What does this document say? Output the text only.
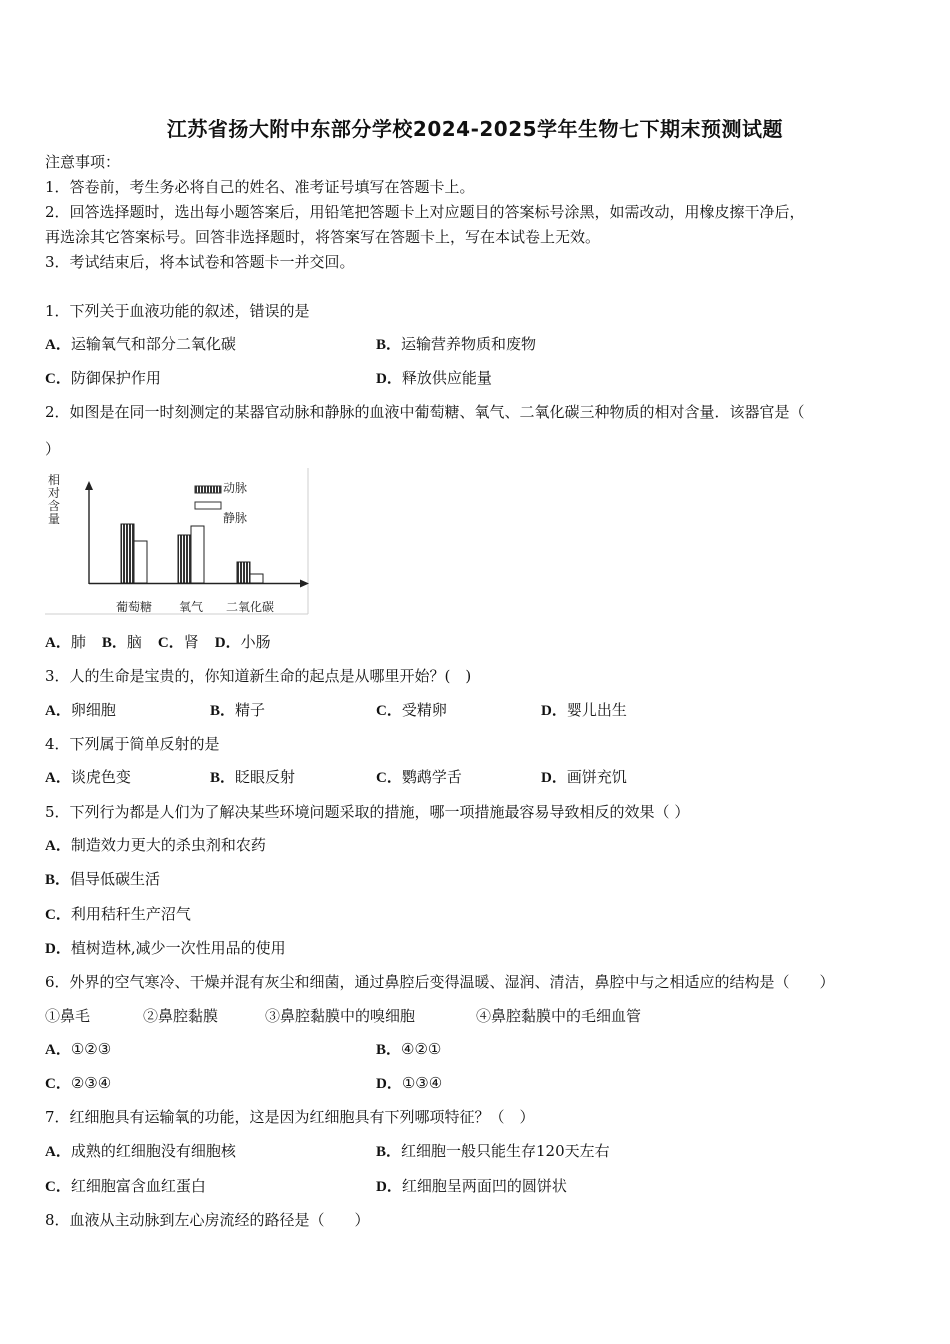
江苏省扬大附中东部分学校2024-2025学年生物七下期末预测试题
注意事项：
1．答卷前，考生务必将自己的姓名、准考证号填写在答题卡上。
2．回答选择题时，选出每小题答案后，用铅笔把答题卡上对应题目的答案标号涂黑，如需改动，用橡皮擦干净后，
再选涂其它答案标号。回答非选择题时，将答案写在答题卡上，写在本试卷上无效。
3．考试结束后，将本试卷和答题卡一并交回。
1．下列关于血液功能的叙述，错误的是
A．运输氧气和部分二氧化碳	B．运输营养物质和废物
C．防御保护作用	D．释放供应能量
2．如图是在同一时刻测定的某器官动脉和静脉的血液中葡萄糖、氧气、二氧化碳三种物质的相对含量．该器官是（
）
相
对
含
量
葡萄糖 氧气 二氧化碳
动脉
静脉
A．肺 B．脑 C．肾 D．小肠
3．人的生命是宝贵的，你知道新生命的起点是从哪里开始？(　)
A．卵细胞	B．精子	C．受精卵	D．婴儿出生
4．下列属于简单反射的是
A．谈虎色变	B．眨眼反射	C．鹦鹉学舌	D．画饼充饥
5．下列行为都是人们为了解决某些环境问题采取的措施，哪一项措施最容易导致相反的效果（ ）
A．制造效力更大的杀虫剂和农药
B．倡导低碳生活
C．利用秸秆生产沼气
D．植树造林,减少一次性用品的使用
6．外界的空气寒冷、干燥并混有灰尘和细菌，通过鼻腔后变得温暖、湿润、清洁，鼻腔中与之相适应的结构是（　　）
①鼻毛	②鼻腔黏膜	③鼻腔黏膜中的嗅细胞	④鼻腔黏膜中的毛细血管
A．①②③	B．④②①
C．②③④	D．①③④
7．红细胞具有运输氧的功能，这是因为红细胞具有下列哪项特征？（　）
A．成熟的红细胞没有细胞核	B．红细胞一般只能生存120天左右
C．红细胞富含血红蛋白	D．红细胞呈两面凹的圆饼状
8．血液从主动脉到左心房流经的路径是（　　）
